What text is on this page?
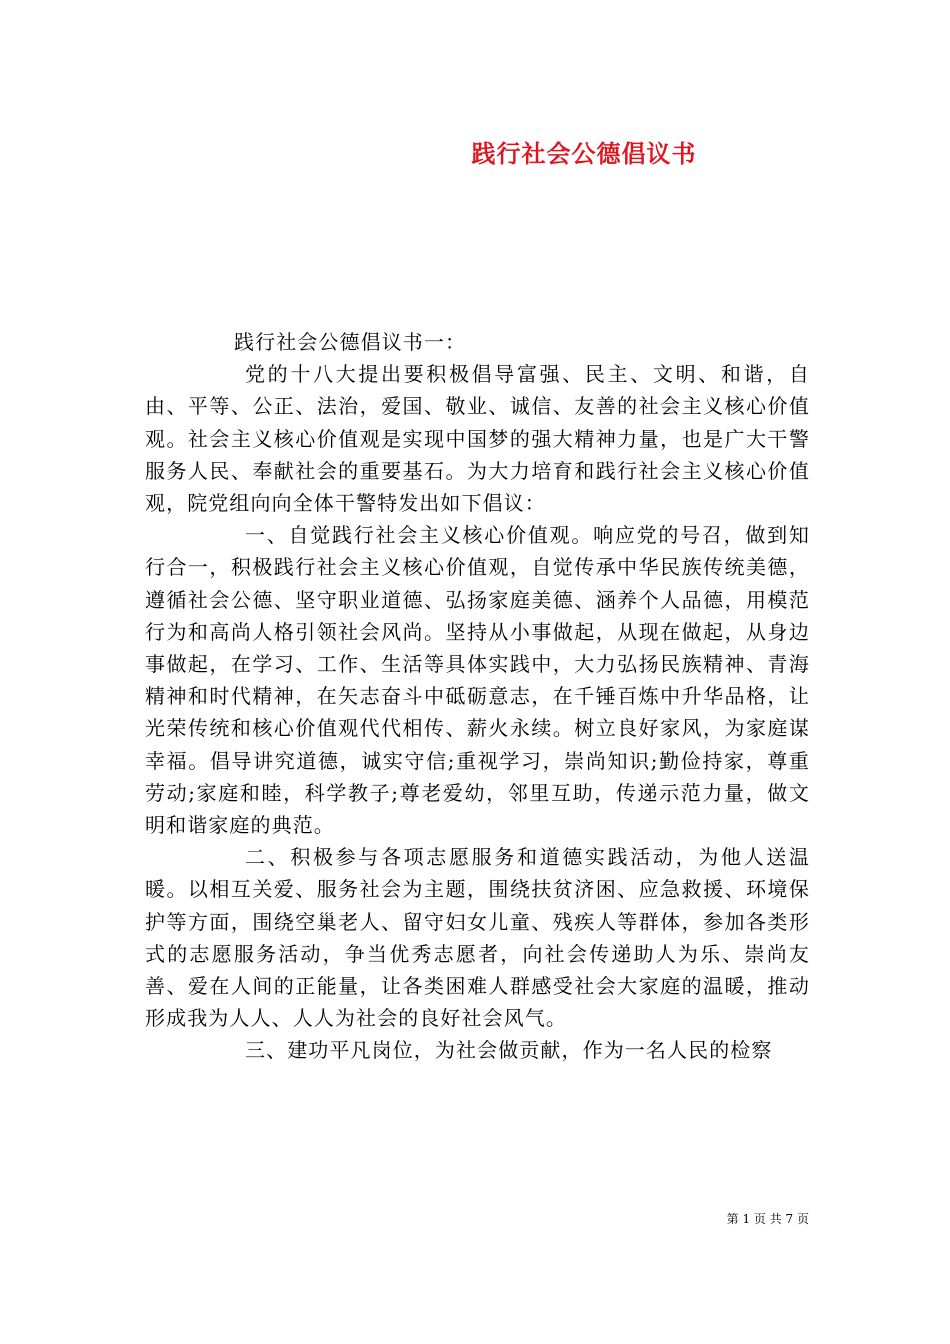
践行社会公德倡议书

践行社会公德倡议书一：

党的十八大提出要积极倡导富强、民主、文明、和谐，自由、平等、公正、法治，爱国、敬业、诚信、友善的社会主义核心价值观。社会主义核心价值观是实现中国梦的强大精神力量，也是广大干警服务人民、奉献社会的重要基石。为大力培育和践行社会主义核心价值观，院党组向向全体干警特发出如下倡议：

一、自觉践行社会主义核心价值观。响应党的号召，做到知行合一，积极践行社会主义核心价值观，自觉传承中华民族传统美德，遵循社会公德、坚守职业道德、弘扬家庭美德、涵养个人品德，用模范行为和高尚人格引领社会风尚。坚持从小事做起，从现在做起，从身边事做起，在学习、工作、生活等具体实践中，大力弘扬民族精神、青海精神和时代精神，在矢志奋斗中砥砺意志，在千锤百炼中升华品格，让光荣传统和核心价值观代代相传、薪火永续。树立良好家风，为家庭谋幸福。倡导讲究道德，诚实守信;重视学习，崇尚知识;勤俭持家，尊重劳动;家庭和睦，科学教子;尊老爱幼，邻里互助，传递示范力量，做文明和谐家庭的典范。

二、积极参与各项志愿服务和道德实践活动，为他人送温暖。以相互关爱、服务社会为主题，围绕扶贫济困、应急救援、环境保护等方面，围绕空巢老人、留守妇女儿童、残疾人等群体，参加各类形式的志愿服务活动，争当优秀志愿者，向社会传递助人为乐、崇尚友善、爱在人间的正能量，让各类困难人群感受社会大家庭的温暖，推动形成我为人人、人人为社会的良好社会风气。

三、建功平凡岗位，为社会做贡献，作为一名人民的检察

第 1 页 共 7 页
